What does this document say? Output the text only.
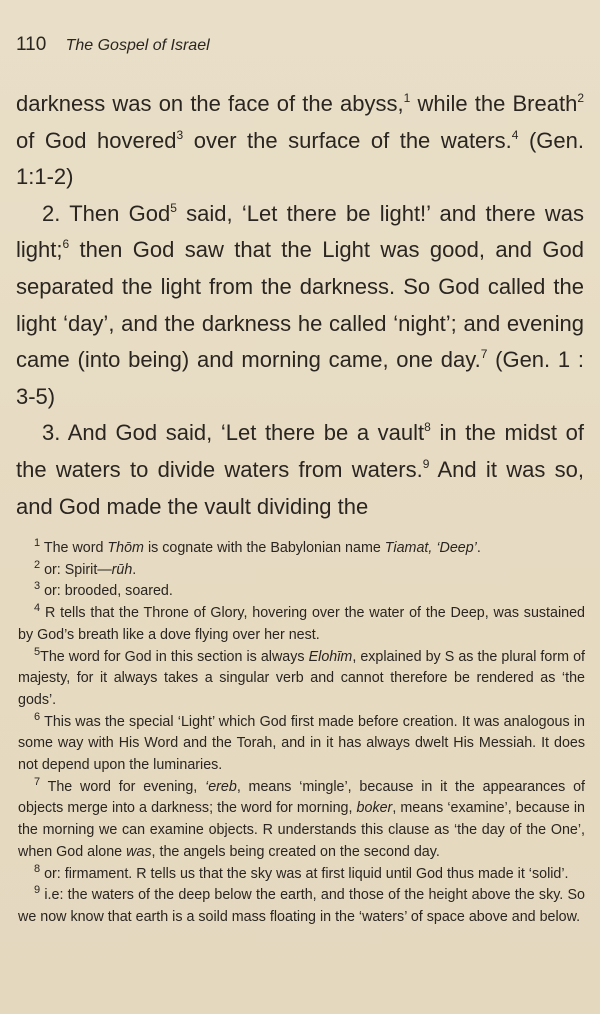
110 The Gospel of Israel

darkness was on the face of the abyss,$^1$ while the Breath$^2$ of God hovered$^3$ over the surface of the waters.$^4$ (Gen. 1:1-2)

2. Then God$^5$ said, ‘Let there be light!’ and there was light;$^6$ then God saw that the Light was good, and God separated the light from the darkness. So God called the light ‘day’, and the darkness he called ‘night’; and evening came (into being) and morning came, one day.$^7$ (Gen. 1 : 3-5)

3. And God said, ‘Let there be a vault$^8$ in the midst of the waters to divide waters from waters.$^9$ And it was so, and God made the vault dividing the

$^1$ The word Thōm is cognate with the Babylonian name Tiamat, ‘Deep’.

$^2$ or: Spirit—rūh.

$^3$ or: brooded, soared.

$^4$ R tells that the Throne of Glory, hovering over the water of the Deep, was sustained by God’s breath like a dove flying over her nest.

$^5$The word for God in this section is always Elohīm, explained by S as the plural form of majesty, for it always takes a singular verb and cannot therefore be rendered as ‘the gods’.

$^6$ This was the special ‘Light’ which God first made before creation. It was analogous in some way with His Word and the Torah, and in it has always dwelt His Messiah. It does not depend upon the luminaries.

$^7$ The word for evening, ‘ereb, means ‘mingle’, because in it the appearances of objects merge into a darkness; the word for morning, boker, means ‘examine’, because in the morning we can examine objects. R understands this clause as ‘the day of the One’, when God alone was, the angels being created on the second day.

$^8$ or: firmament. R tells us that the sky was at first liquid until God thus made it ‘solid’.

$^9$ i.e: the waters of the deep below the earth, and those of the height above the sky. So we now know that earth is a soild mass floating in the ‘waters’ of space above and below.
